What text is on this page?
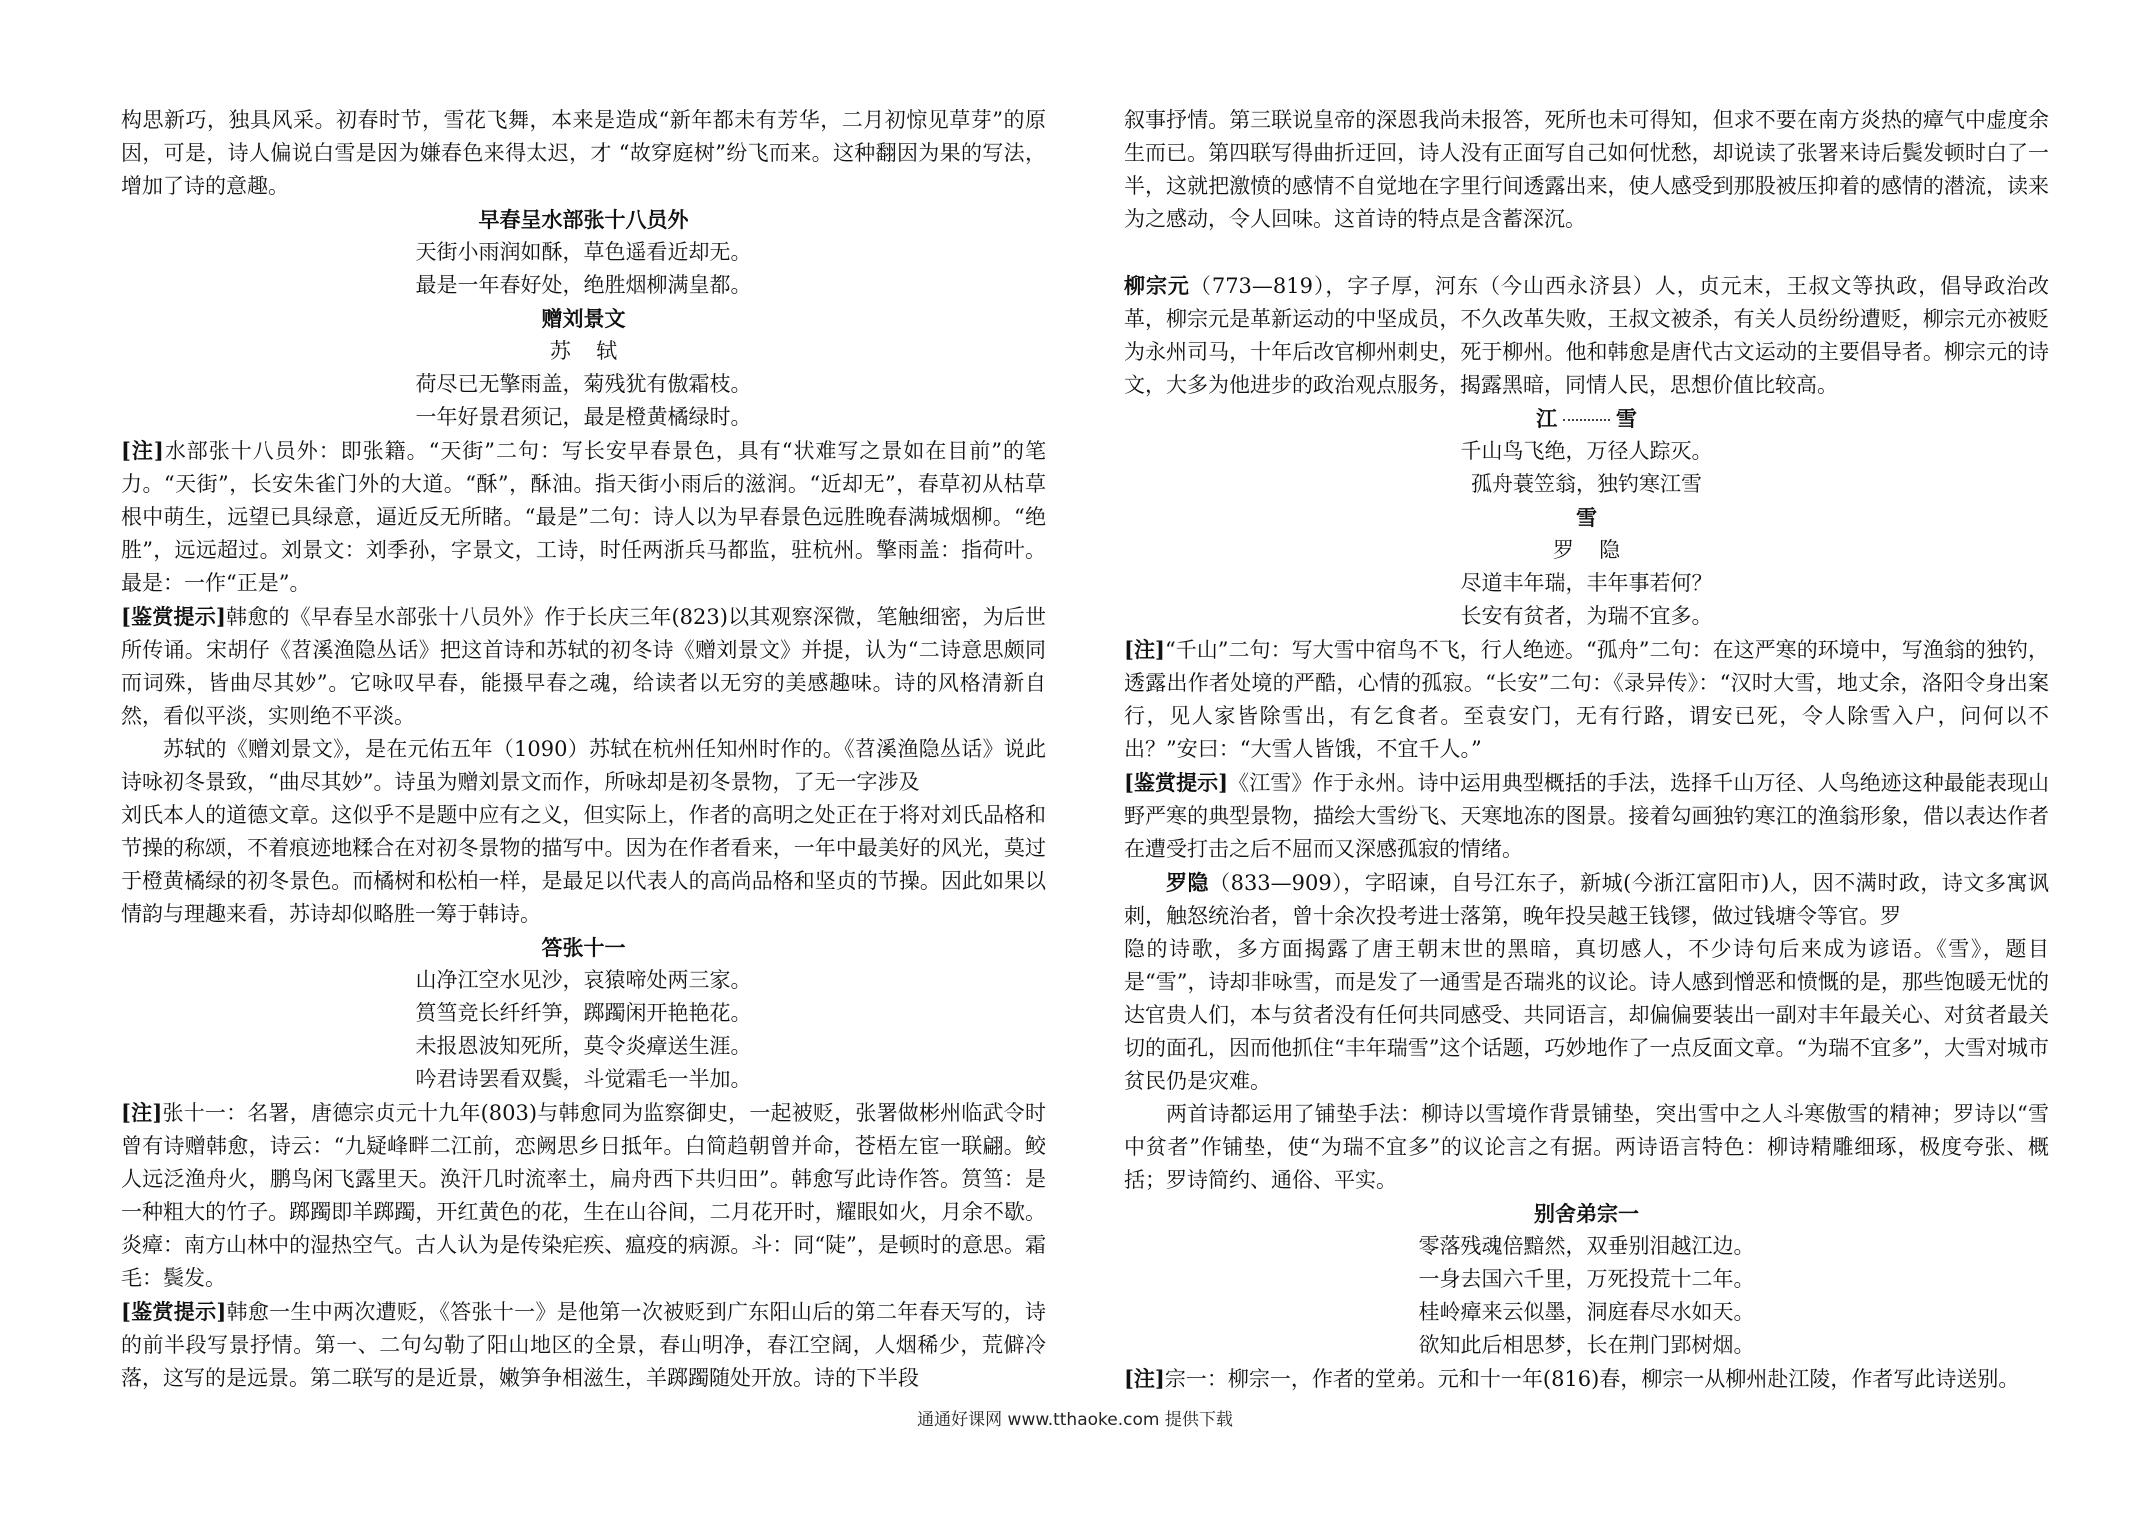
构思新巧，独具风采。初春时节，雪花飞舞，本来是造成“新年都未有芳华，二月初惊见草芽”的原因，可是，诗人偏说白雪是因为嫌春色来得太迟，才 “故穿庭树”纷飞而来。这种翻因为果的写法，增加了诗的意趣。

早春呈水部张十八员外

天街小雨润如酥，草色遥看近却无。

最是一年春好处，绝胜烟柳满皇都。

赠刘景文

苏轼

荷尽已无擎雨盖，菊残犹有傲霜枝。

一年好景君须记，最是橙黄橘绿时。

[注]水部张十八员外：即张籍。“天街”二句：写长安早春景色，具有“状难写之景如在目前”的笔力。“天街”，长安朱雀门外的大道。“酥”，酥油。指天街小雨后的滋润。“近却无”，春草初从枯草根中萌生，远望已具绿意，逼近反无所睹。“最是”二句：诗人以为早春景色远胜晚春满城烟柳。“绝胜”，远远超过。刘景文：刘季孙，字景文，工诗，时任两浙兵马都监，驻杭州。擎雨盖：指荷叶。最是：一作“正是”。

[鉴赏提示]韩愈的《早春呈水部张十八员外》作于长庆三年(823)以其观察深微，笔触细密，为后世所传诵。宋胡仔《苕溪渔隐丛话》把这首诗和苏轼的初冬诗《赠刘景文》并提，认为“二诗意思颇同而词殊，皆曲尽其妙”。它咏叹早春，能摄早春之魂，给读者以无穷的美感趣味。诗的风格清新自然，看似平淡，实则绝不平淡。

苏轼的《赠刘景文》，是在元佑五年（1090）苏轼在杭州任知州时作的。《苕溪渔隐丛话》说此诗咏初冬景致，“曲尽其妙”。诗虽为赠刘景文而作，所咏却是初冬景物，了无一字涉及

刘氏本人的道德文章。这似乎不是题中应有之义，但实际上，作者的高明之处正在于将对刘氏品格和节操的称颂，不着痕迹地糅合在对初冬景物的描写中。因为在作者看来，一年中最美好的风光，莫过于橙黄橘绿的初冬景色。而橘树和松柏一样，是最足以代表人的高尚品格和坚贞的节操。因此如果以情韵与理趣来看，苏诗却似略胜一筹于韩诗。

答张十一

山净江空水见沙，哀猿啼处两三家。

筼筜竞长纤纤笋，踯躅闲开艳艳花。

未报恩波知死所，莫令炎瘴送生涯。

吟君诗罢看双鬓，斗觉霜毛一半加。

[注]张十一：名署，唐德宗贞元十九年(803)与韩愈同为监察御史，一起被贬，张署做彬州临武令时曾有诗赠韩愈，诗云：“九疑峰畔二江前，恋阙思乡日抵年。白简趋朝曾并命，苍梧左宦一联翩。鲛人远泛渔舟火，鹏鸟闲飞露里天。涣汗几时流率土，扁舟西下共归田”。韩愈写此诗作答。筼筜：是一种粗大的竹子。踯躅即羊踯躅，开红黄色的花，生在山谷间，二月花开时，耀眼如火，月余不歇。炎瘴：南方山林中的湿热空气。古人认为是传染疟疾、瘟疫的病源。斗：同“陡”，是顿时的意思。霜毛：鬓发。

[鉴赏提示]韩愈一生中两次遭贬，《答张十一》是他第一次被贬到广东阳山后的第二年春天写的，诗的前半段写景抒情。第一、二句勾勒了阳山地区的全景，春山明净，春江空阔，人烟稀少，荒僻冷落，这写的是远景。第二联写的是近景，嫩笋争相滋生，羊踯躅随处开放。诗的下半段

叙事抒情。第三联说皇帝的深恩我尚未报答，死所也未可得知，但求不要在南方炎热的瘴气中虚度余生而已。第四联写得曲折迂回，诗人没有正面写自己如何忧愁，却说读了张署来诗后鬓发顿时白了一半，这就把激愤的感情不自觉地在字里行间透露出来，使人感受到那股被压抑着的感情的潜流，读来为之感动，令人回味。这首诗的特点是含蓄深沉。

柳宗元（773—819），字子厚，河东（今山西永济县）人，贞元末，王叔文等执政，倡导政治改革，柳宗元是革新运动的中坚成员，不久改革失败，王叔文被杀，有关人员纷纷遭贬，柳宗元亦被贬为永州司马，十年后改官柳州刺史，死于柳州。他和韩愈是唐代古文运动的主要倡导者。柳宗元的诗文，大多为他进步的政治观点服务，揭露黑暗，同情人民，思想价值比较高。

江	雪

千山鸟飞绝，万径人踪灭。

孤舟蓑笠翁，独钓寒江雪

雪

罗隐

尽道丰年瑞，丰年事若何？

长安有贫者，为瑞不宜多。

[注]“千山”二句：写大雪中宿鸟不飞，行人绝迹。“孤舟”二句：在这严寒的环境中，写渔翁的独钓，透露出作者处境的严酷，心情的孤寂。“长安”二句：《录异传》：“汉时大雪，地丈余，洛阳令身出案行，见人家皆除雪出，有乞食者。至袁安门，无有行路，谓安已死，令人除雪入户，问何以不出？”安曰：“大雪人皆饿，不宜千人。”

[鉴赏提示]《江雪》作于永州。诗中运用典型概括的手法，选择千山万径、人鸟绝迹这种最能表现山野严寒的典型景物，描绘大雪纷飞、天寒地冻的图景。接着勾画独钓寒江的渔翁形象，借以表达作者在遭受打击之后不屈而又深感孤寂的情绪。

罗隐（833—909），字昭谏，自号江东子，新城(今浙江富阳市)人，因不满时政，诗文多寓讽刺，触怒统治者，曾十余次投考进士落第，晚年投吴越王钱镠，做过钱塘令等官。罗

隐的诗歌，多方面揭露了唐王朝末世的黑暗，真切感人，不少诗句后来成为谚语。《雪》，题目是“雪”，诗却非咏雪，而是发了一通雪是否瑞兆的议论。诗人感到憎恶和愤慨的是，那些饱暖无忧的达官贵人们，本与贫者没有任何共同感受、共同语言，却偏偏要装出一副对丰年最关心、对贫者最关切的面孔，因而他抓住“丰年瑞雪”这个话题，巧妙地作了一点反面文章。“为瑞不宜多”，大雪对城市贫民仍是灾难。

两首诗都运用了铺垫手法：柳诗以雪境作背景铺垫，突出雪中之人斗寒傲雪的精神；罗诗以“雪中贫者”作铺垫，使“为瑞不宜多”的议论言之有据。两诗语言特色：柳诗精雕细琢，极度夸张、概括；罗诗简约、通俗、平实。

别舍弟宗一

零落残魂倍黯然，双垂别泪越江边。

一身去国六千里，万死投荒十二年。

桂岭瘴来云似墨，洞庭春尽水如天。

欲知此后相思梦，长在荆门郢树烟。

[注]宗一：柳宗一，作者的堂弟。元和十一年(816)春，柳宗一从柳州赴江陵，作者写此诗送别。

通通好课网 www.tthaoke.com 提供下载
